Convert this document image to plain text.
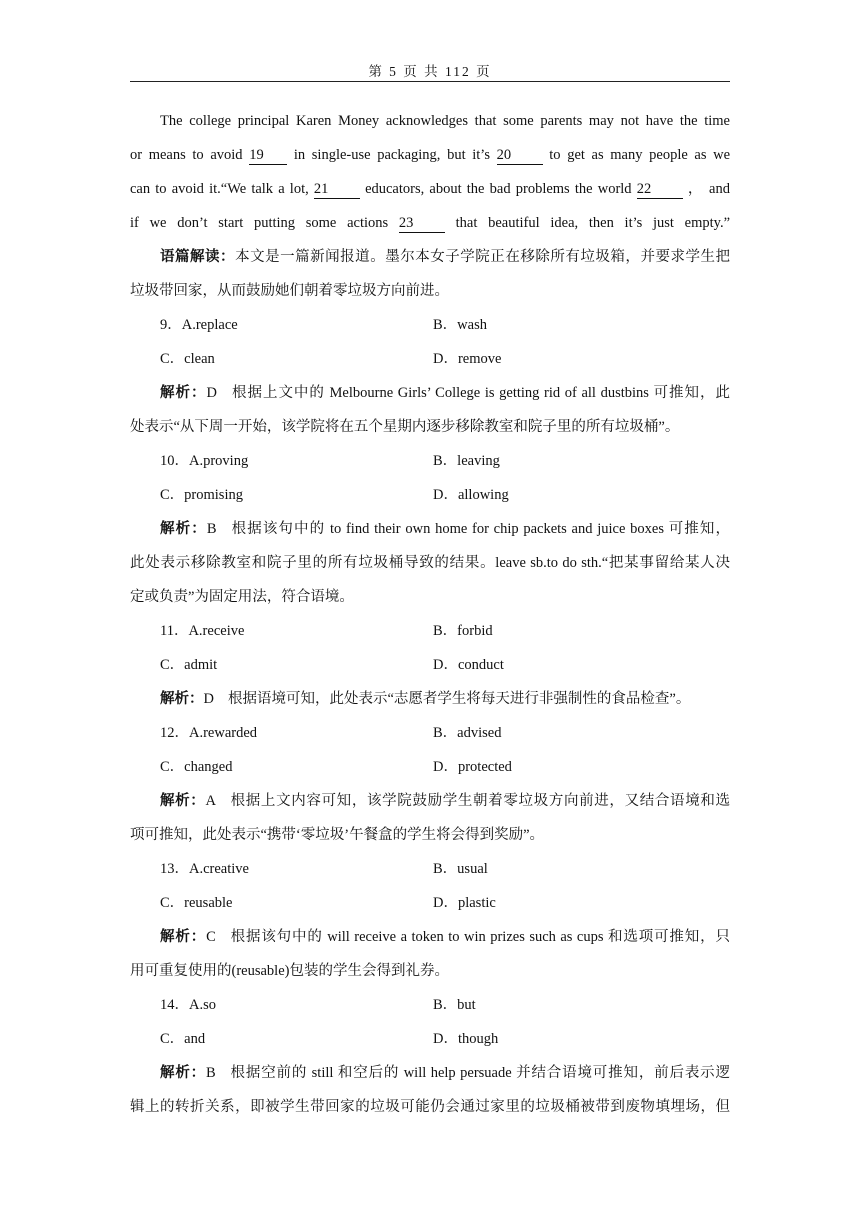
第 5 页 共 112 页
The college principal Karen Money acknowledges that some parents may not have the time
or means to avoid 19 in single-use packaging, but it’s 20	to get as many people as we
can to avoid it.“We talk a lot, 21	educators, about the bad problems the world 22	， and
if we don’t start putting some actions 23	that beautiful idea, then it’s just empty.”
语篇解读：本文是一篇新闻报道。墨尔本女子学院正在移除所有垃圾箱，并要求学生把
垃圾带回家，从而鼓励她们朝着零垃圾方向前进。
9．A.replace	B．wash
C．clean	D．remove
解析：D 根据上文中的 Melbourne Girls’ College is getting rid of all dustbins 可推知，此
处表示“从下周一开始，该学院将在五个星期内逐步移除教室和院子里的所有垃圾桶”。
10．A.proving	B．leaving
C．promising	D．allowing
解析：B 根据该句中的 to find their own home for chip packets and juice boxes 可推知，
此处表示移除教室和院子里的所有垃圾桶导致的结果。leave sb.to do sth.“把某事留给某人决
定或负责”为固定用法，符合语境。
11．A.receive	B．forbid
C．admit	D．conduct
解析：D 根据语境可知，此处表示“志愿者学生将每天进行非强制性的食品检查”。
12．A.rewarded	B．advised
C．changed	D．protected
解析：A 根据上文内容可知，该学院鼓励学生朝着零垃圾方向前进，又结合语境和选
项可推知，此处表示“携带‘零垃圾’午餐盒的学生将会得到奖励”。
13．A.creative	B．usual
C．reusable	D．plastic
解析：C 根据该句中的 will receive a token to win prizes such as cups 和选项可推知，只
用可重复使用的(reusable)包装的学生会得到礼券。
14．A.so	B．but
C．and	D．though
解析：B 根据空前的 still 和空后的 will help persuade 并结合语境可推知，前后表示逻
辑上的转折关系，即被学生带回家的垃圾可能仍会通过家里的垃圾桶被带到废物填埋场，但
